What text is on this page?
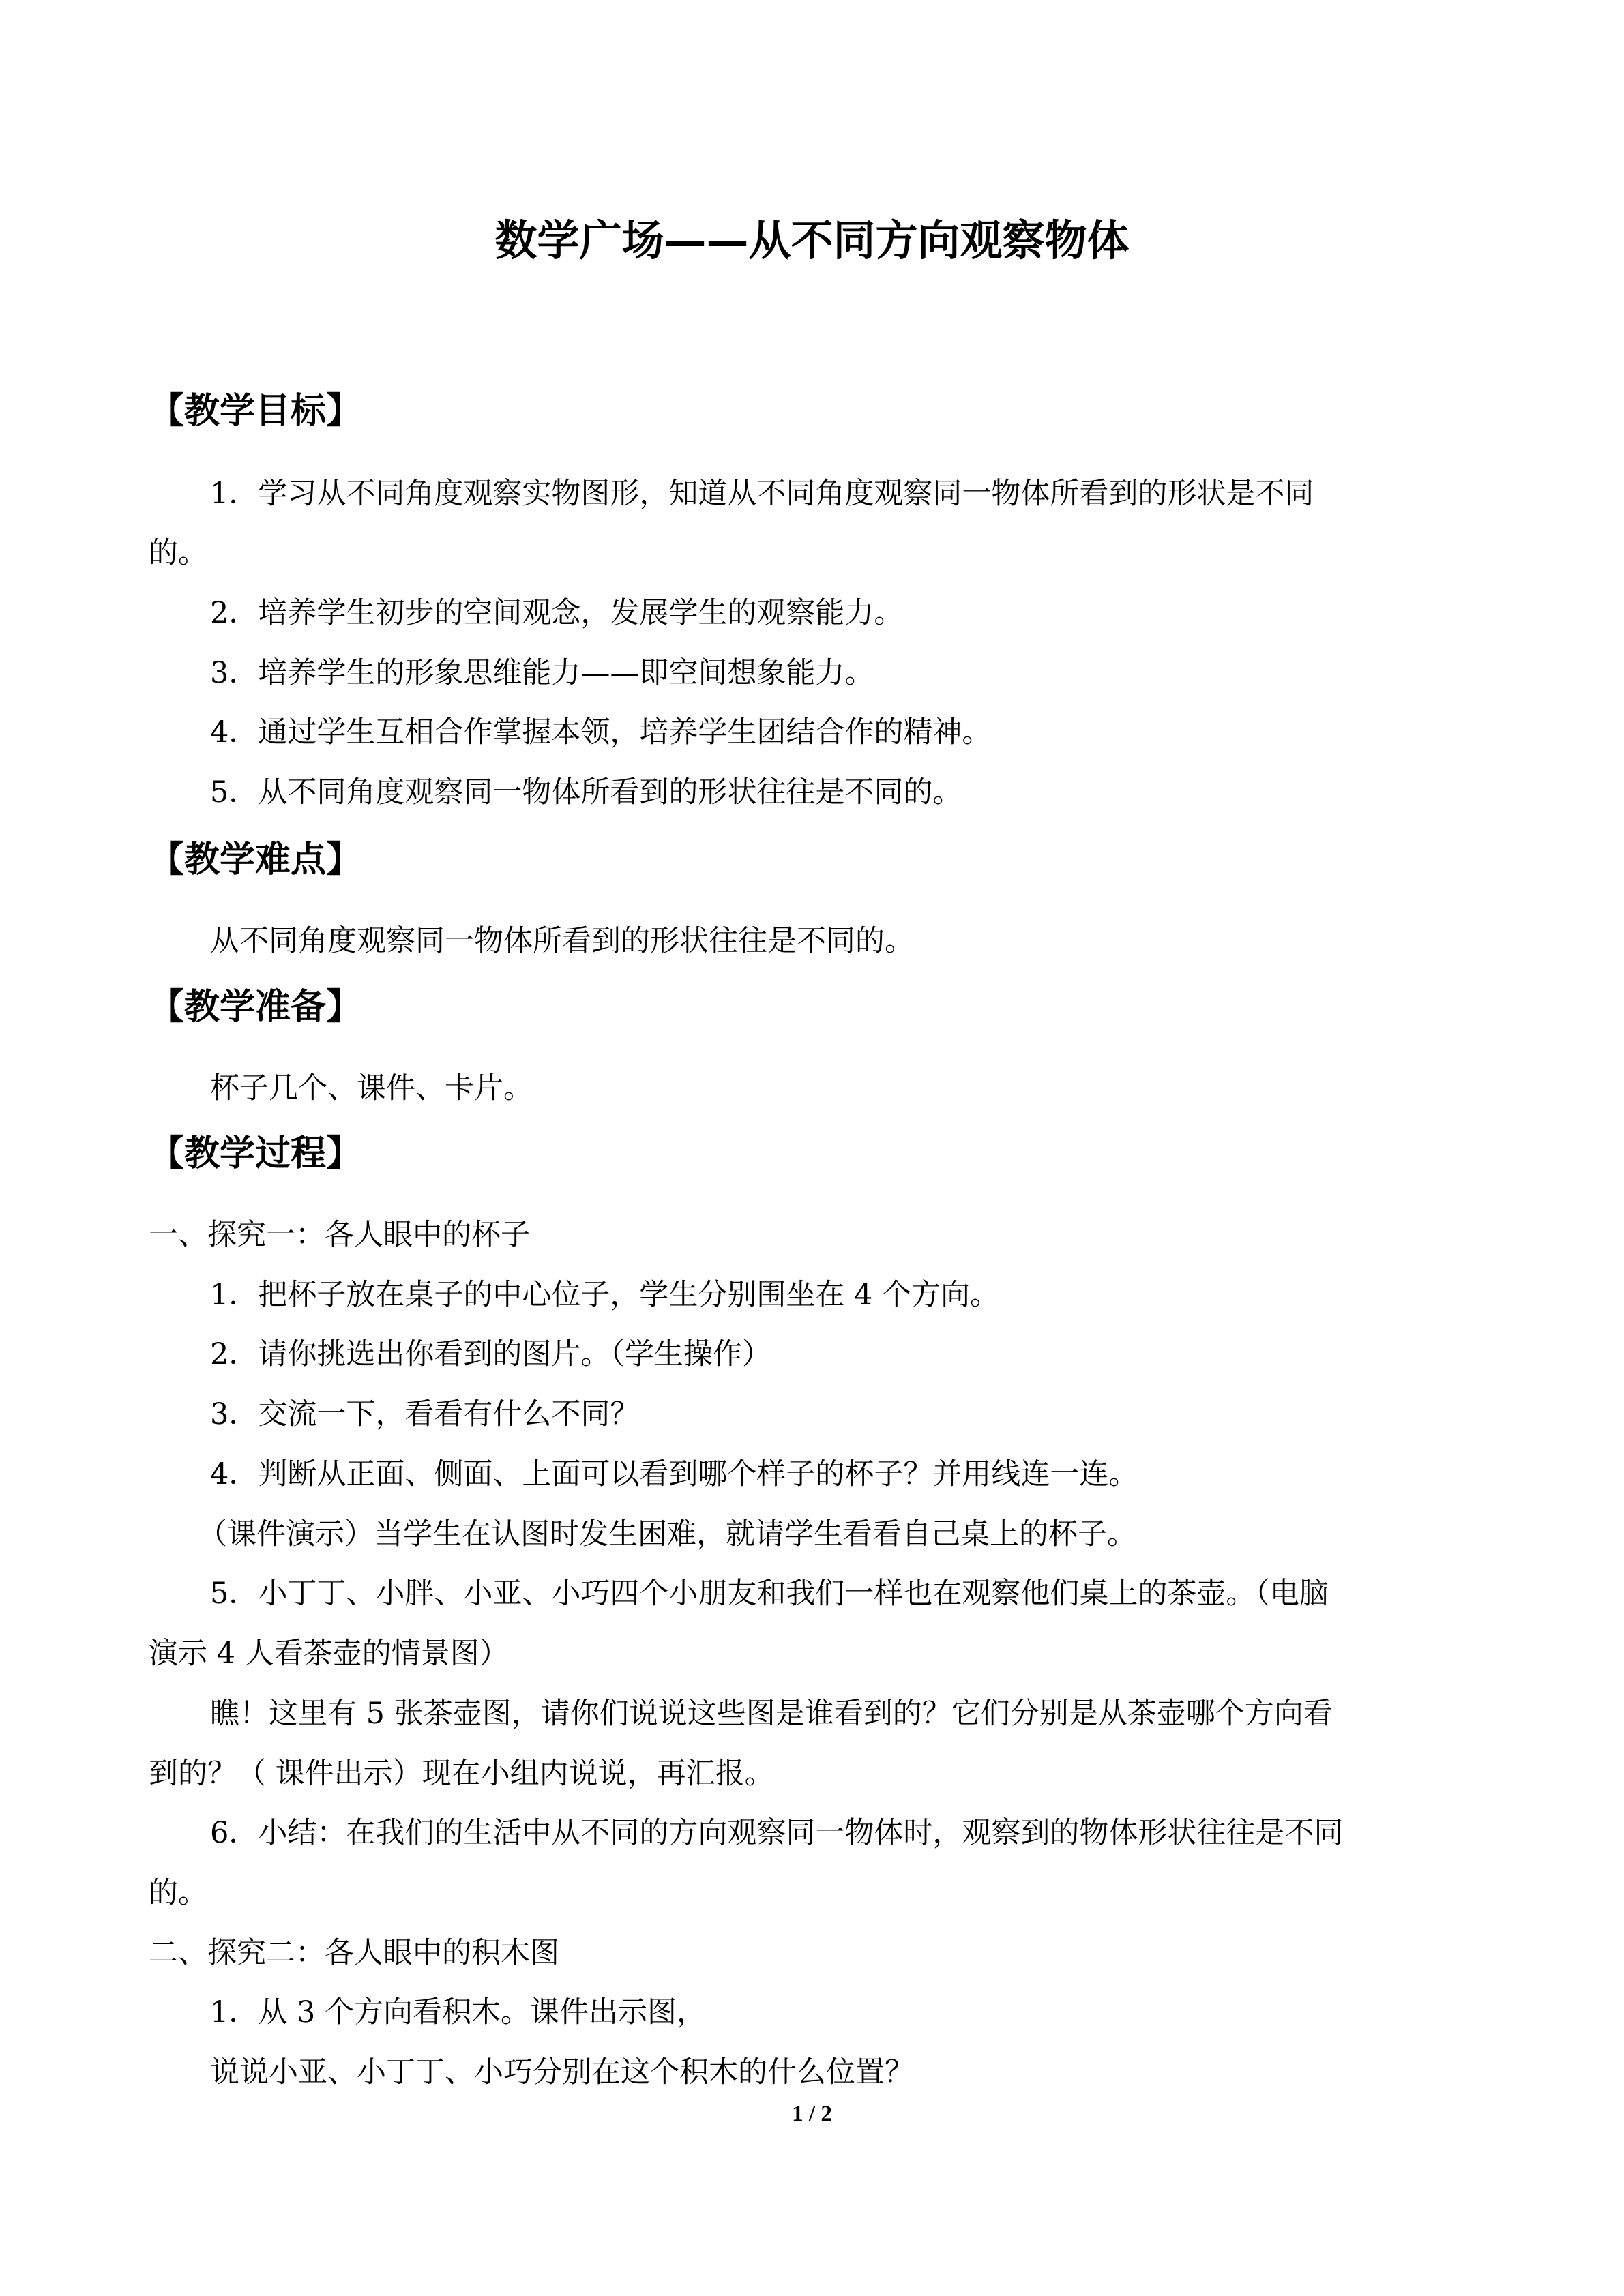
数学广场——从不同方向观察物体
【教学目标】

1．学习从不同角度观察实物图形，知道从不同角度观察同一物体所看到的形状是不同

的。

2．培养学生初步的空间观念，发展学生的观察能力。

3．培养学生的形象思维能力——即空间想象能力。

4．通过学生互相合作掌握本领，培养学生团结合作的精神。

5．从不同角度观察同一物体所看到的形状往往是不同的。

【教学难点】

从不同角度观察同一物体所看到的形状往往是不同的。

【教学准备】

杯子几个、课件、卡片。

【教学过程】

一、探究一：各人眼中的杯子

1．把杯子放在桌子的中心位子，学生分别围坐在 4 个方向。

2．请你挑选出你看到的图片。（学生操作）

3．交流一下，看看有什么不同？

4．判断从正面、侧面、上面可以看到哪个样子的杯子？并用线连一连。

（课件演示）当学生在认图时发生困难，就请学生看看自己桌上的杯子。

5．小丁丁、小胖、小亚、小巧四个小朋友和我们一样也在观察他们桌上的茶壶。（电脑

演示 4 人看茶壶的情景图）

瞧！这里有 5 张茶壶图，请你们说说这些图是谁看到的？它们分别是从茶壶哪个方向看

到的？（ 课件出示）现在小组内说说，再汇报。

6．小结：在我们的生活中从不同的方向观察同一物体时，观察到的物体形状往往是不同

的。

二、探究二：各人眼中的积木图

1．从 3 个方向看积木。课件出示图，

说说小亚、小丁丁、小巧分别在这个积木的什么位置？

1 / 2
